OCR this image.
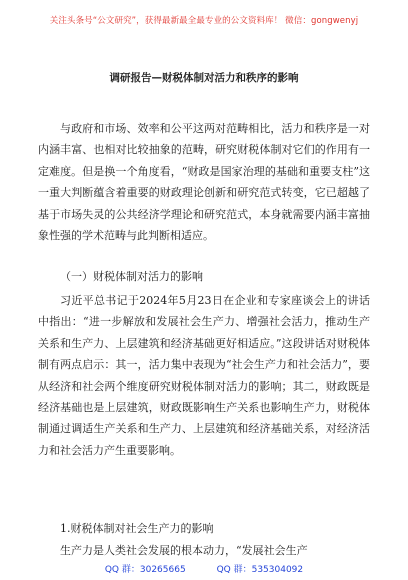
关注头条号“公文研究”，获得最新最全最专业的公文资料库！ 微信：gongwenyj
调研报告—财税体制对活力和秩序的影响
与政府和市场、效率和公平这两对范畴相比，活力和秩序是一对内涵丰富、也相对比较抽象的范畴，研究财税体制对它们的作用有一定难度。但是换一个角度看，“财政是国家治理的基础和重要支柱”这一重大判断蕴含着重要的财政理论创新和研究范式转变，它已超越了基于市场失灵的公共经济学理论和研究范式，本身就需要内涵丰富抽象性强的学术范畴与此判断相适应。
（一）财税体制对活力的影响
习近平总书记于2024年5月23日在企业和专家座谈会上的讲话中指出：“进一步解放和发展社会生产力、增强社会活力，推动生产关系和生产力、上层建筑和经济基础更好相适应。”这段讲话对财税体制有两点启示：其一，活力集中表现为“社会生产力和社会活力”，要从经济和社会两个维度研究财税体制对活力的影响；其二，财政既是经济基础也是上层建筑，财政既影响生产关系也影响生产力，财税体制通过调适生产关系和生产力、上层建筑和经济基础关系，对经济活力和社会活力产生重要影响。
1.财税体制对社会生产力的影响
生产力是人类社会发展的根本动力，“发展社会生产
QQ 群：30265665	QQ 群：535304092
